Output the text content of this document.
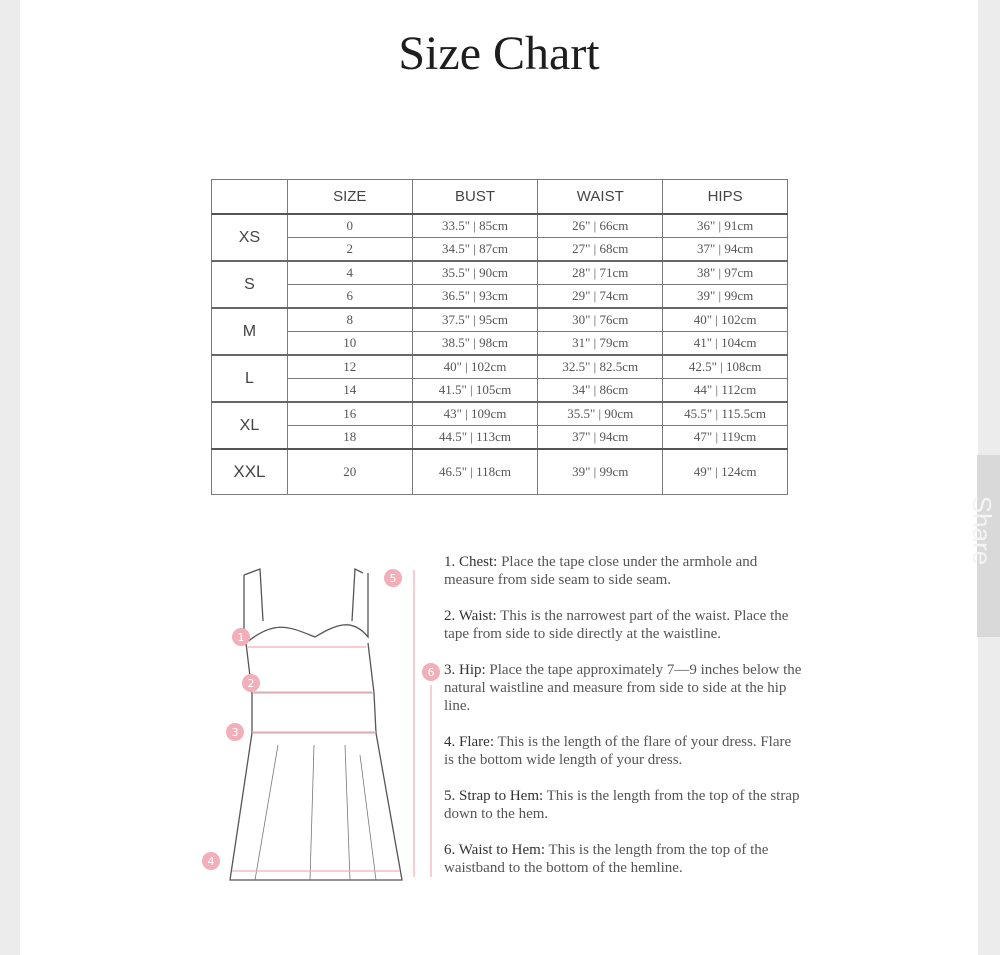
Size Chart
	SIZE	BUST	WAIST	HIPS
XS	0	33.5" | 85cm	26" | 66cm	36" | 91cm
	2	34.5" | 87cm	27" | 68cm	37" | 94cm
S	4	35.5" | 90cm	28" | 71cm	38" | 97cm
	6	36.5" | 93cm	29" | 74cm	39" | 99cm
M	8	37.5" | 95cm	30" | 76cm	40" | 102cm
	10	38.5" | 98cm	31" | 79cm	41" | 104cm
L	12	40" | 102cm	32.5" | 82.5cm	42.5" | 108cm
	14	41.5" | 105cm	34" | 86cm	44" | 112cm
XL	16	43" | 109cm	35.5" | 90cm	45.5" | 115.5cm
	18	44.5" | 113cm	37" | 94cm	47" | 119cm
XXL	20	46.5" | 118cm	39" | 99cm	49" | 124cm
1
2
3
4
5
6

1. Chest: Place the tape close under the armhole and measure from side seam to side seam.

2. Waist: This is the narrowest part of the waist. Place the tape from side to side directly at the waistline.

3. Hip: Place the tape approximately 7—9 inches below the natural waistline and measure from side to side at the hip line.

4. Flare: This is the length of the flare of your dress. Flare is the bottom wide length of your dress.

5. Strap to Hem: This is the length from the top of the strap down to the hem.

6. Waist to Hem: This is the length from the top of the waistband to the bottom of the hemline.

Share
